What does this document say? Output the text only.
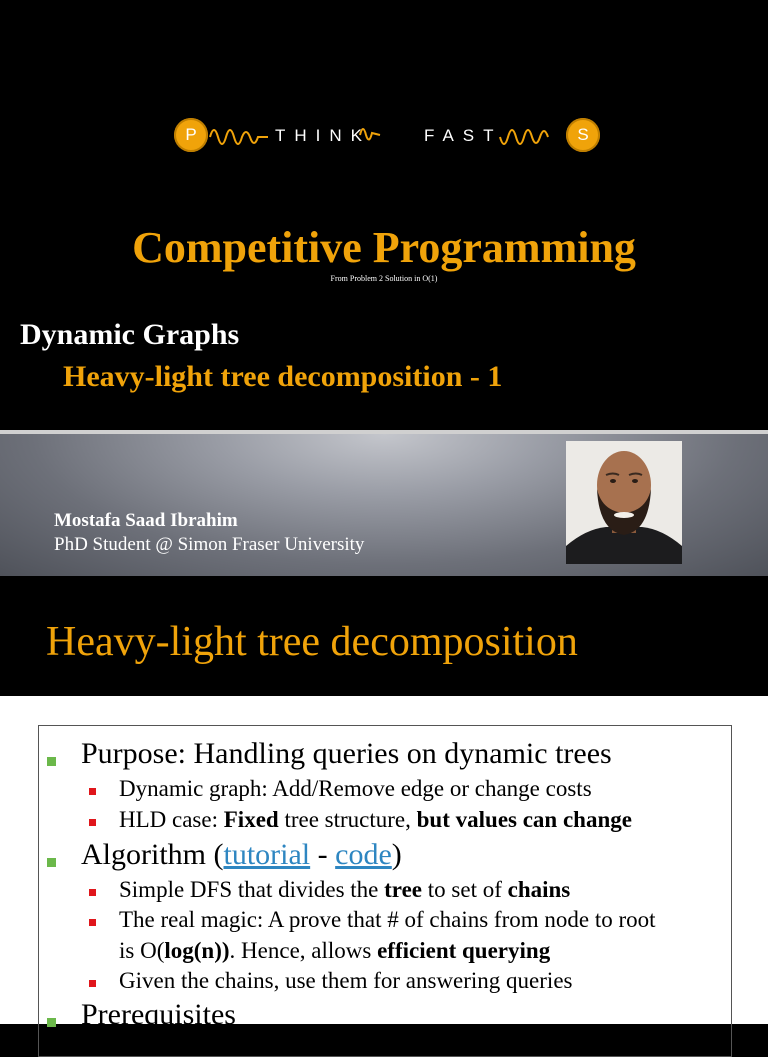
P	THINK	FAST	S
Competitive Programming
From Problem 2 Solution in O(1)
Dynamic Graphs
Heavy-light tree decomposition - 1
Mostafa Saad Ibrahim
PhD Student @ Simon Fraser University
Heavy-light tree decomposition
Purpose: Handling queries on dynamic trees
Dynamic graph: Add/Remove edge or change costs
HLD case: Fixed tree structure, but values can change
Algorithm (tutorial - code)
Simple DFS that divides the tree to set of chains
The real magic: A prove that # of chains from node to root
is O(log(n)). Hence, allows efficient querying
Given the chains, use them for answering queries
Prerequisites
